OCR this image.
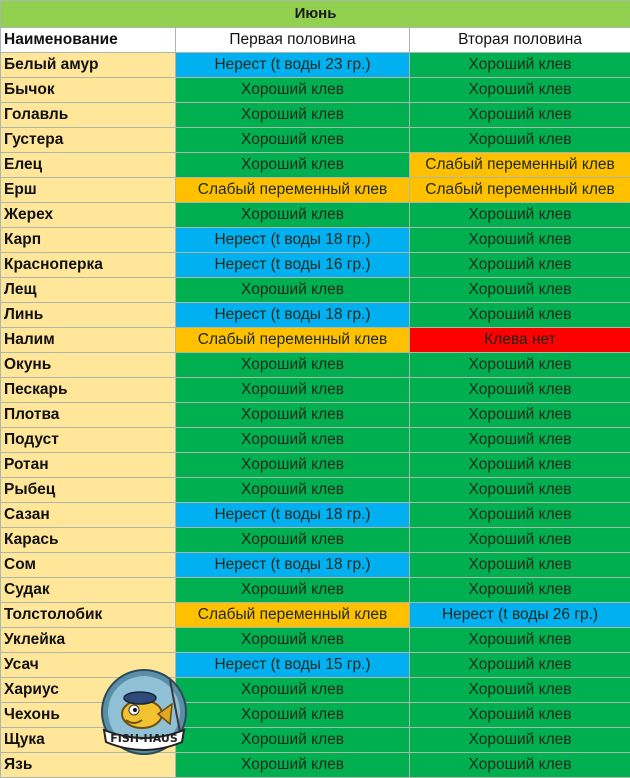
Июнь		
Наименование	Первая половина	Вторая половина
Белый амур	Нерест (t воды 23 гр.)	Хороший клев
Бычок	Хороший клев	Хороший клев
Голавль	Хороший клев	Хороший клев
Густера	Хороший клев	Хороший клев
Елец	Хороший клев	Слабый переменный клев
Ерш	Слабый переменный клев	Слабый переменный клев
Жерех	Хороший клев	Хороший клев
Карп	Нерест (t воды 18 гр.)	Хороший клев
Красноперка	Нерест (t воды 16 гр.)	Хороший клев
Лещ	Хороший клев	Хороший клев
Линь	Нерест (t воды 18 гр.)	Хороший клев
Налим	Слабый переменный клев	Клева нет
Окунь	Хороший клев	Хороший клев
Пескарь	Хороший клев	Хороший клев
Плотва	Хороший клев	Хороший клев
Подуст	Хороший клев	Хороший клев
Ротан	Хороший клев	Хороший клев
Рыбец	Хороший клев	Хороший клев
Сазан	Нерест (t воды 18 гр.)	Хороший клев
Карась	Хороший клев	Хороший клев
Сом	Нерест (t воды 18 гр.)	Хороший клев
Судак	Хороший клев	Хороший клев
Толстолобик	Слабый переменный клев	Нерест (t воды 26 гр.)
Уклейка	Хороший клев	Хороший клев
Усач	Нерест (t воды 15 гр.)	Хороший клев
Хариус	Хороший клев	Хороший клев
Чехонь	Хороший клев	Хороший клев
Щука	Хороший клев	Хороший клев
Язь	Хороший клев	Хороший клев
FISH-HAUS
